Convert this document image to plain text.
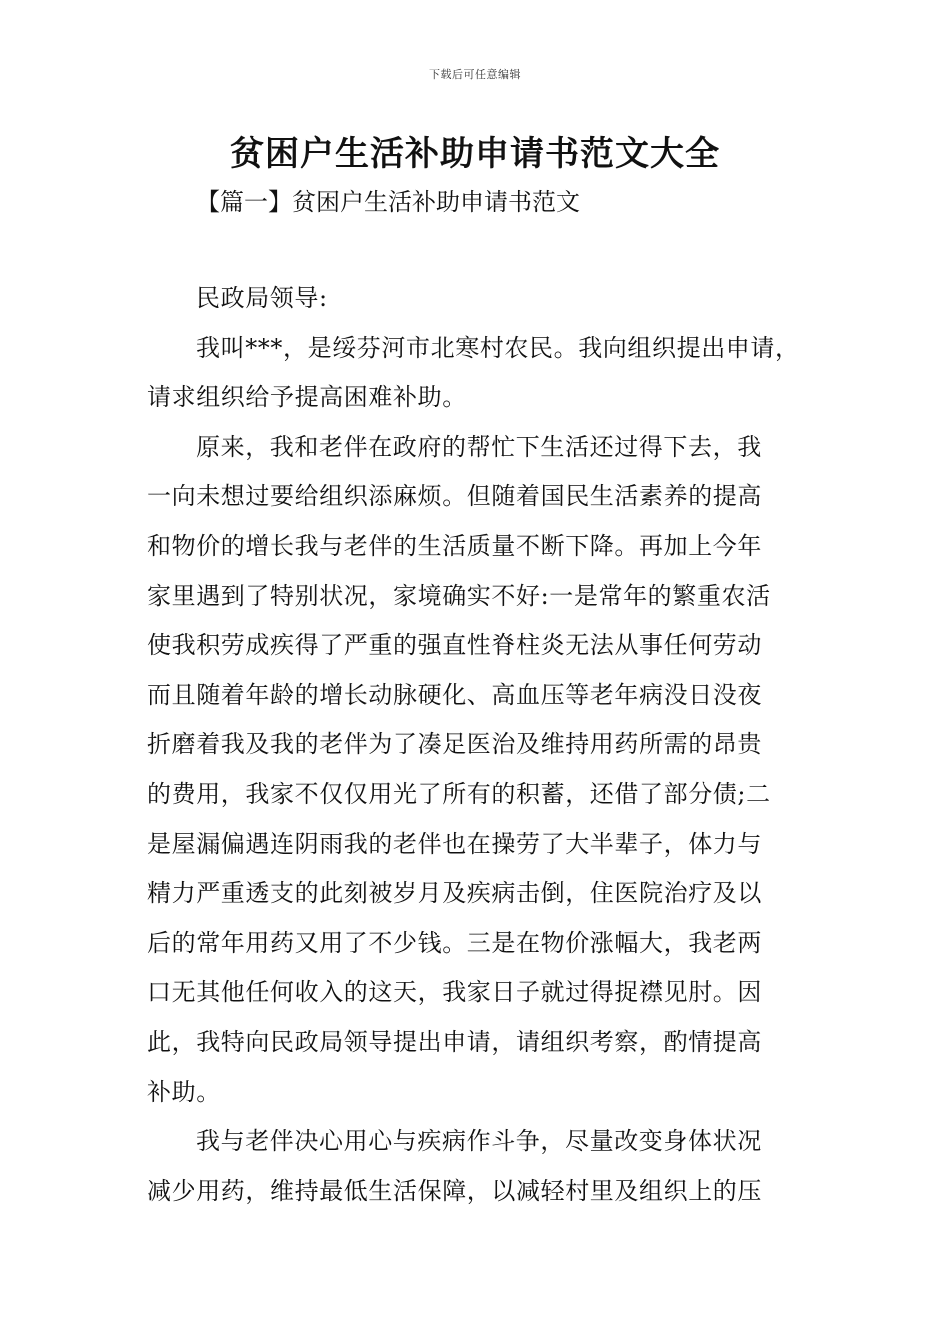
下载后可任意编辑
贫困户生活补助申请书范文大全
【篇一】贫困户生活补助申请书范文
民政局领导:
我叫***，是绥芬河市北寒村农民。我向组织提出申请，
请求组织给予提高困难补助。
原来，我和老伴在政府的帮忙下生活还过得下去，我
一向未想过要给组织添麻烦。但随着国民生活素养的提高
和物价的增长我与老伴的生活质量不断下降。再加上今年
家里遇到了特别状况，家境确实不好:一是常年的繁重农活
使我积劳成疾得了严重的强直性脊柱炎无法从事任何劳动
而且随着年龄的增长动脉硬化、高血压等老年病没日没夜
折磨着我及我的老伴为了凑足医治及维持用药所需的昂贵
的费用，我家不仅仅用光了所有的积蓄，还借了部分债;二
是屋漏偏遇连阴雨我的老伴也在操劳了大半辈子，体力与
精力严重透支的此刻被岁月及疾病击倒，住医院治疗及以
后的常年用药又用了不少钱。三是在物价涨幅大，我老两
口无其他任何收入的这天，我家日子就过得捉襟见肘。因
此，我特向民政局领导提出申请，请组织考察，酌情提高
补助。
我与老伴决心用心与疾病作斗争，尽量改变身体状况
减少用药，维持最低生活保障，以减轻村里及组织上的压
